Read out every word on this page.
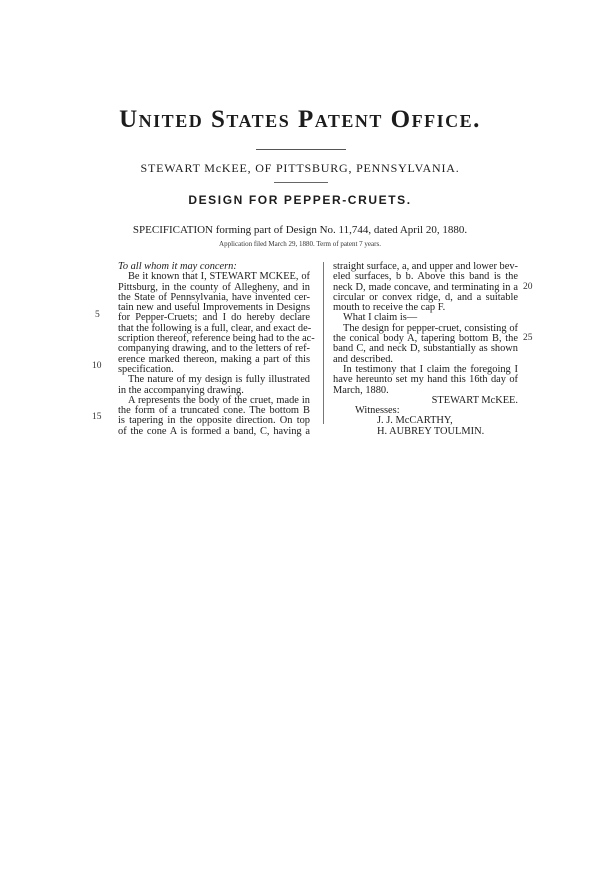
United States Patent Office.
STEWART McKEE, OF PITTSBURG, PENNSYLVANIA.
DESIGN FOR PEPPER-CRUETS.
SPECIFICATION forming part of Design No. 11,744, dated April 20, 1880.
Application filed March 29, 1880. Term of patent 7 years.
To all whom it may concern:
Be it known that I, STEWART MCKEE, of
Pittsburg, in the county of Allegheny, and in
the State of Pennsylvania, have invented cer-
tain new and useful Improvements in Designs
for Pepper-Cruets; and I do hereby declare
that the following is a full, clear, and exact de-
scription thereof, reference being had to the ac-
companying drawing, and to the letters of ref-
erence marked thereon, making a part of this
specification.
The nature of my design is fully illustrated
in the accompanying drawing.
A represents the body of the cruet, made in
the form of a truncated cone. The bottom B
is tapering in the opposite direction. On top
of the cone A is formed a band, C, having a
straight surface, a, and upper and lower bev-
eled surfaces, b b. Above this band is the
neck D, made concave, and terminating in a
circular or convex ridge, d, and a suitable
mouth to receive the cap F.
What I claim is—
The design for pepper-cruet, consisting of
the conical body A, tapering bottom B, the
band C, and neck D, substantially as shown
and described.
In testimony that I claim the foregoing I
have hereunto set my hand this 16th day of
March, 1880.
STEWART McKEE.
Witnesses:
J. J. McCARTHY,
H. AUBREY TOULMIN.
5
10
15
20
25
